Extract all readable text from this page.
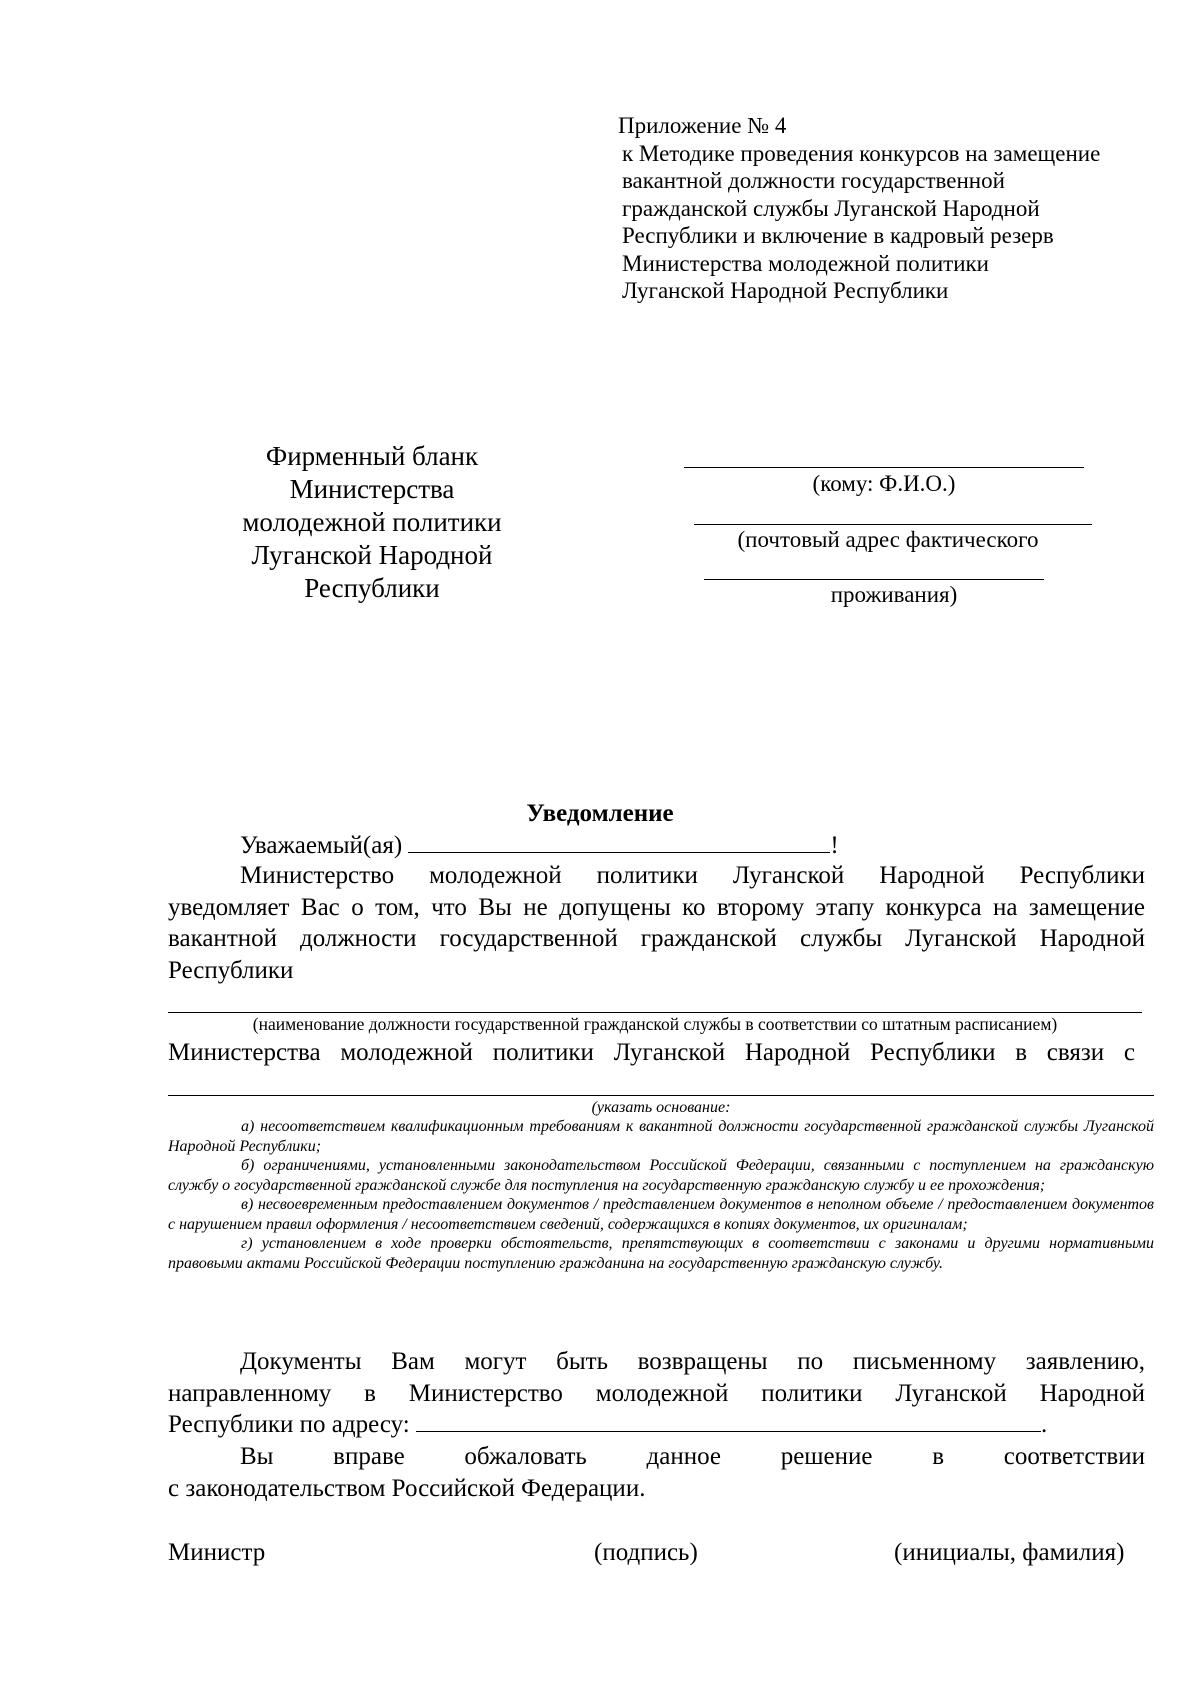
Приложение № 4
к Методике проведения конкурсов на замещение
вакантной должности государственной
гражданской службы Луганской Народной
Республики и включение в кадровый резерв
Министерства молодежной политики
Луганской Народной Республики
Фирменный бланк
Министерства
молодежной политики
Луганской Народной
Республики
(кому: Ф.И.О.)
(почтовый адрес фактического
проживания)
Уведомление
Уважаемый(ая)	!
Министерство молодежной политики Луганской Народной Республики
уведомляет Вас о том, что Вы не допущены ко второму этапу конкурса на замещение
вакантной должности государственной гражданской службы Луганской Народной
Республики
(наименование должности государственной гражданской службы в соответствии со штатным расписанием)
Министерства молодежной политики Луганской Народной Республики в связи с
(указать основание:

а) несоответствием квалификационным требованиям к вакантной должности государственной гражданской службы Луганской Народной Республики;

б) ограничениями, установленными законодательством Российской Федерации, связанными с поступлением на гражданскую службу о государственной гражданской службе для поступления на государственную гражданскую службу и ее прохождения;

в) несвоевременным предоставлением документов / представлением документов в неполном объеме / предоставлением документов с нарушением правил оформления / несоответствием сведений, содержащихся в копиях документов, их оригиналам;

г) установлением в ходе проверки обстоятельств, препятствующих в соответствии с законами и другими нормативными правовыми актами Российской Федерации поступлению гражданина на государственную гражданскую службу.

Документы Вам могут быть возвращены по письменному заявлению,
направленному в Министерство молодежной политики Луганской Народной
Республики по адресу:	.
Вы вправе обжаловать данное решение в соответствии
с законодательством Российской Федерации.
Министр	(подпись)	(инициалы, фамилия)
